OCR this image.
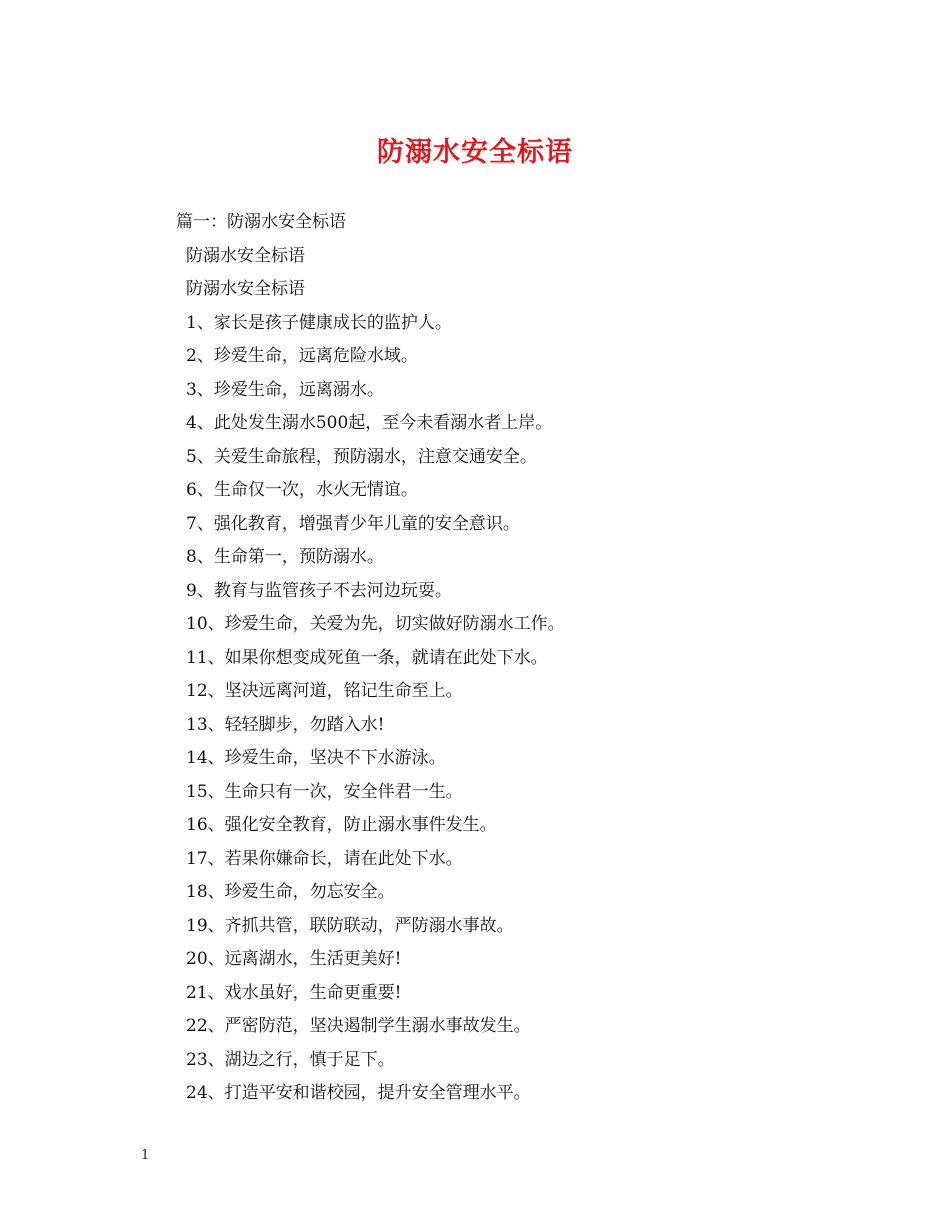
防溺水安全标语
篇一：防溺水安全标语
防溺水安全标语
防溺水安全标语
1、家长是孩子健康成长的监护人。
2、珍爱生命，远离危险水域。
3、珍爱生命，远离溺水。
4、此处发生溺水500起，至今未看溺水者上岸。
5、关爱生命旅程，预防溺水，注意交通安全。
6、生命仅一次，水火无情谊。
7、强化教育，增强青少年儿童的安全意识。
8、生命第一，预防溺水。
9、教育与监管孩子不去河边玩耍。
10、珍爱生命，关爱为先，切实做好防溺水工作。
11、如果你想变成死鱼一条，就请在此处下水。
12、坚决远离河道，铭记生命至上。
13、轻轻脚步，勿踏入水!
14、珍爱生命，坚决不下水游泳。
15、生命只有一次，安全伴君一生。
16、强化安全教育，防止溺水事件发生。
17、若果你嫌命长，请在此处下水。
18、珍爱生命，勿忘安全。
19、齐抓共管，联防联动，严防溺水事故。
20、远离湖水，生活更美好!
21、戏水虽好，生命更重要!
22、严密防范，坚决遏制学生溺水事故发生。
23、湖边之行，慎于足下。
24、打造平安和谐校园，提升安全管理水平。
1
